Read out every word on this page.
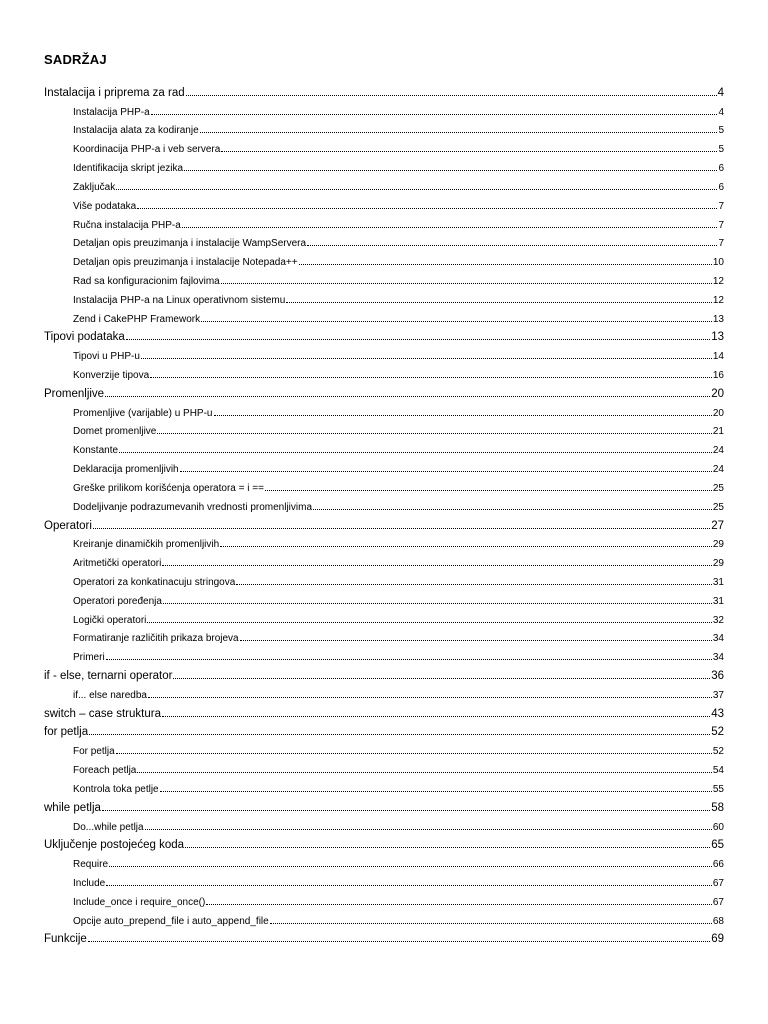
SADRŽAJ
Instalacija i priprema za rad	4
Instalacija PHP-a	4
Instalacija alata za kodiranje	5
Koordinacija PHP-a i veb servera	5
Identifikacija skript jezika	6
Zaključak	6
Više podataka	7
Ručna instalacija PHP-a	7
Detaljan opis preuzimanja i instalacije WampServera	7
Detaljan opis preuzimanja i instalacije Notepada++	10
Rad sa konfiguracionim fajlovima	12
Instalacija PHP-a na Linux operativnom sistemu	12
Zend i CakePHP Framework	13
Tipovi podataka	13
Tipovi u PHP-u	14
Konverzije tipova	16
Promenljive	20
Promenljive (varijable) u PHP-u	20
Domet promenljive	21
Konstante	24
Deklaracija promenljivih	24
Greške prilikom korišćenja operatora = i ==	25
Dodeljivanje podrazumevanih vrednosti promenljivima	25
Operatori	27
Kreiranje dinamičkih promenljivih	29
Aritmetički operatori	29
Operatori za konkatinacuju stringova	31
Operatori poređenja	31
Logički operatori	32
Formatiranje različitih prikaza brojeva	34
Primeri	34
if - else, ternarni operator	36
if... else naredba	37
switch – case struktura	43
for petlja	52
For petlja	52
Foreach petlja	54
Kontrola toka petlje	55
while petlja	58
Do...while petlja	60
Uključenje postojećeg koda	65
Require	66
Include	67
Include_once i require_once()	67
Opcije auto_prepend_file i auto_append_file	68
Funkcije	69
